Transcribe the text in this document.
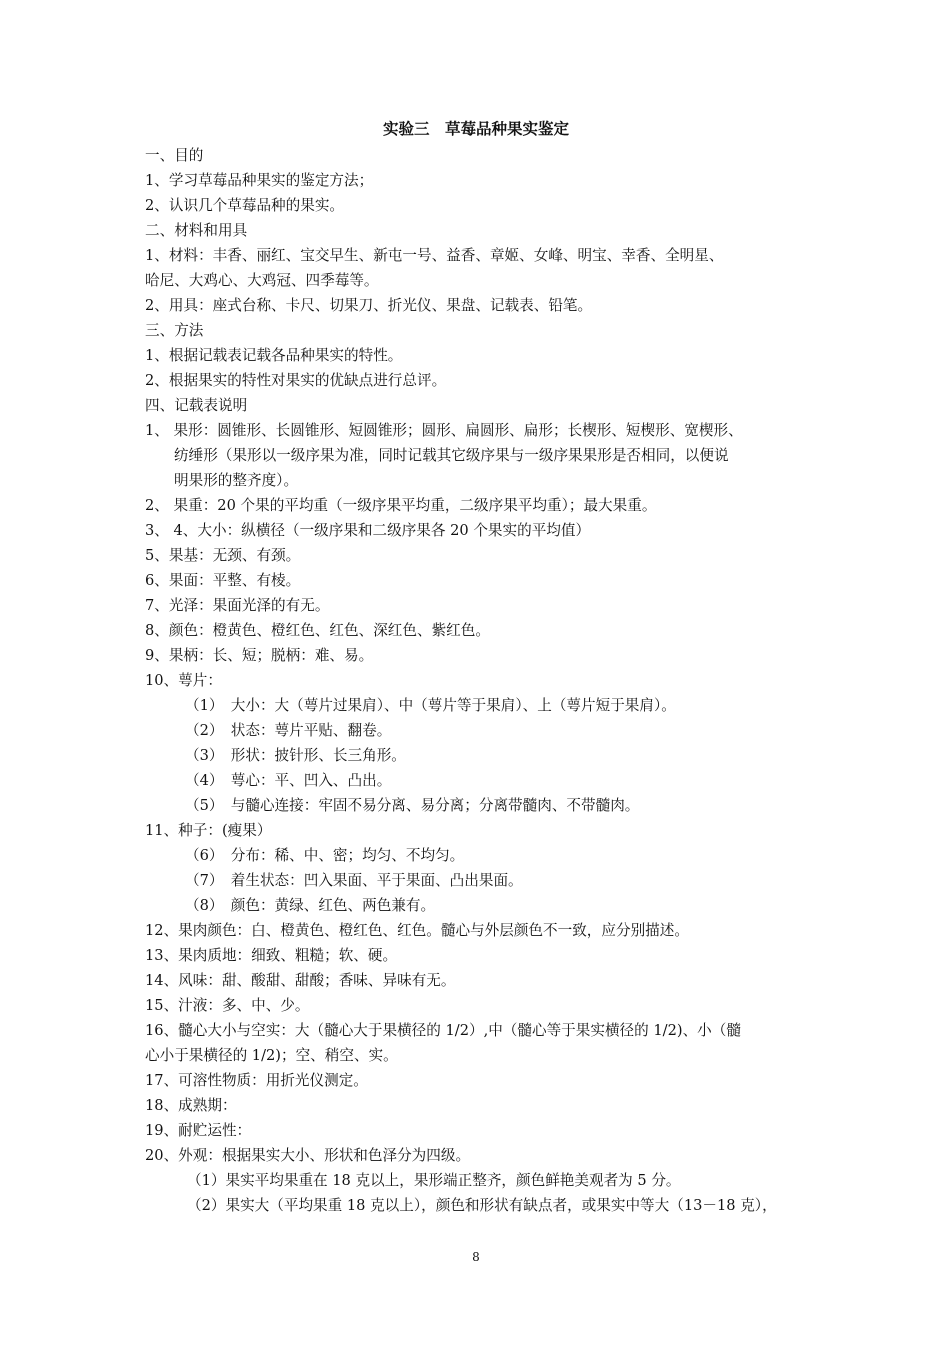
实验三　草莓品种果实鉴定
一、目的
1、学习草莓品种果实的鉴定方法；
2、认识几个草莓品种的果实。
二、材料和用具
1、材料：丰香、丽红、宝交早生、新屯一号、益香、章姬、女峰、明宝、幸香、全明星、
哈尼、大鸡心、大鸡冠、四季莓等。
2、用具：座式台称、卡尺、切果刀、折光仪、果盘、记载表、铅笔。
三、方法
1、根据记载表记载各品种果实的特性。
2、根据果实的特性对果实的优缺点进行总评。
四、记载表说明
1、 果形：圆锥形、长圆锥形、短圆锥形；圆形、扁圆形、扁形；长楔形、短楔形、宽楔形、
纺缍形（果形以一级序果为准，同时记载其它级序果与一级序果果形是否相同，以便说
明果形的整齐度）。
2、 果重：20 个果的平均重（一级序果平均重，二级序果平均重）；最大果重。
3、 4、大小：纵横径（一级序果和二级序果各 20 个果实的平均值）
5、果基：无颈、有颈。
6、果面：平整、有棱。
7、光泽：果面光泽的有无。
8、颜色：橙黄色、橙红色、红色、深红色、紫红色。
9、果柄：长、短；脱柄：难、易。
10、萼片：
（1）　大小：大（萼片过果肩）、中（萼片等于果肩）、上（萼片短于果肩）。
（2）　状态：萼片平贴、翻卷。
（3）　形状：披针形、长三角形。
（4）　萼心：平、凹入、凸出。
（5）　与髓心连接：牢固不易分离、易分离；分离带髓肉、不带髓肉。
11、种子：(瘦果）
（6）　分布：稀、中、密；均匀、不均匀。
（7）　着生状态：凹入果面、平于果面、凸出果面。
（8）　颜色：黄绿、红色、两色兼有。
12、果肉颜色：白、橙黄色、橙红色、红色。髓心与外层颜色不一致，应分别描述。
13、果肉质地：细致、粗糙；软、硬。
14、风味：甜、酸甜、甜酸；香味、异味有无。
15、汁液：多、中、少。
16、髓心大小与空实：大（髓心大于果横径的 1/2）,中（髓心等于果实横径的 1/2)、小（髓
心小于果横径的 1/2)；空、稍空、实。
17、可溶性物质：用折光仪测定。
18、成熟期：
19、耐贮运性：
20、外观：根据果实大小、形状和色泽分为四级。
（1）果实平均果重在 18 克以上，果形端正整齐，颜色鲜艳美观者为 5 分。
（2）果实大（平均果重 18 克以上），颜色和形状有缺点者，或果实中等大（13－18 克），
8
